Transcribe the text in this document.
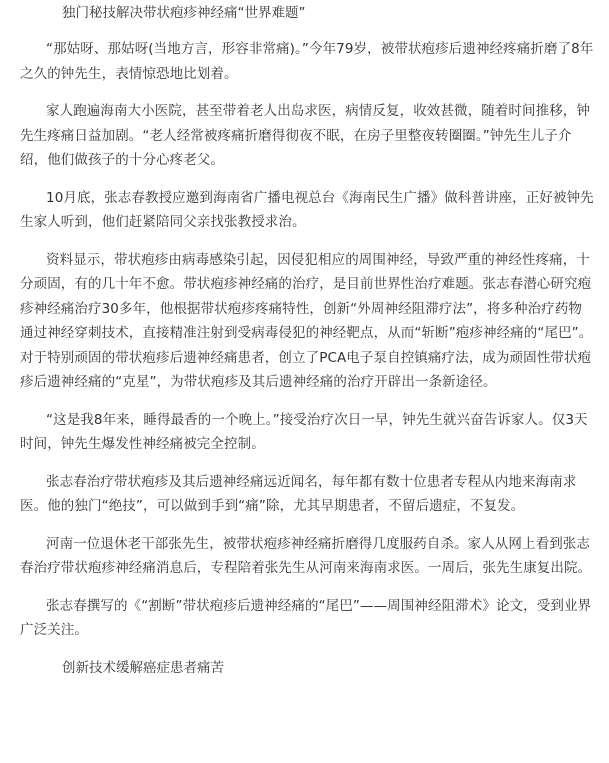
独门秘技解决带状疱疹神经痛“世界难题”

“那姑呀、那姑呀(当地方言，形容非常痛)。”今年79岁，被带状疱疹后遗神经疼痛折磨了8年之久的钟先生，表情惊恐地比划着。

家人跑遍海南大小医院，甚至带着老人出岛求医，病情反复，收效甚微，随着时间推移，钟先生疼痛日益加剧。“老人经常被疼痛折磨得彻夜不眠，在房子里整夜转圈圈。”钟先生儿子介绍，他们做孩子的十分心疼老父。

10月底，张志春教授应邀到海南省广播电视总台《海南民生广播》做科普讲座，正好被钟先生家人听到，他们赶紧陪同父亲找张教授求治。

资料显示，带状疱疹由病毒感染引起，因侵犯相应的周围神经，导致严重的神经性疼痛，十分顽固，有的几十年不愈。带状疱疹神经痛的治疗，是目前世界性治疗难题。张志春潜心研究疱疹神经痛治疗30多年，他根据带状疱疹疼痛特性，创新“外周神经阻滞疗法”，将多种治疗药物通过神经穿刺技术，直接精准注射到受病毒侵犯的神经靶点，从而“斩断”疱疹神经痛的“尾巴”。对于特别顽固的带状疱疹后遗神经痛患者，创立了PCA电子泵自控镇痛疗法，成为顽固性带状疱疹后遗神经痛的“克星”，为带状疱疹及其后遗神经痛的治疗开辟出一条新途径。

“这是我8年来，睡得最香的一个晚上。”接受治疗次日一早，钟先生就兴奋告诉家人。仅3天时间，钟先生爆发性神经痛被完全控制。

张志春治疗带状疱疹及其后遗神经痛远近闻名，每年都有数十位患者专程从内地来海南求医。他的独门“绝技”，可以做到手到“痛”除，尤其早期患者，不留后遗症，不复发。

河南一位退休老干部张先生，被带状疱疹神经痛折磨得几度服药自杀。家人从网上看到张志春治疗带状疱疹神经痛消息后，专程陪着张先生从河南来海南求医。一周后，张先生康复出院。

张志春撰写的《“割断”带状疱疹后遗神经痛的“尾巴”——周围神经阻滞术》论文，受到业界广泛关注。

创新技术缓解癌症患者痛苦
